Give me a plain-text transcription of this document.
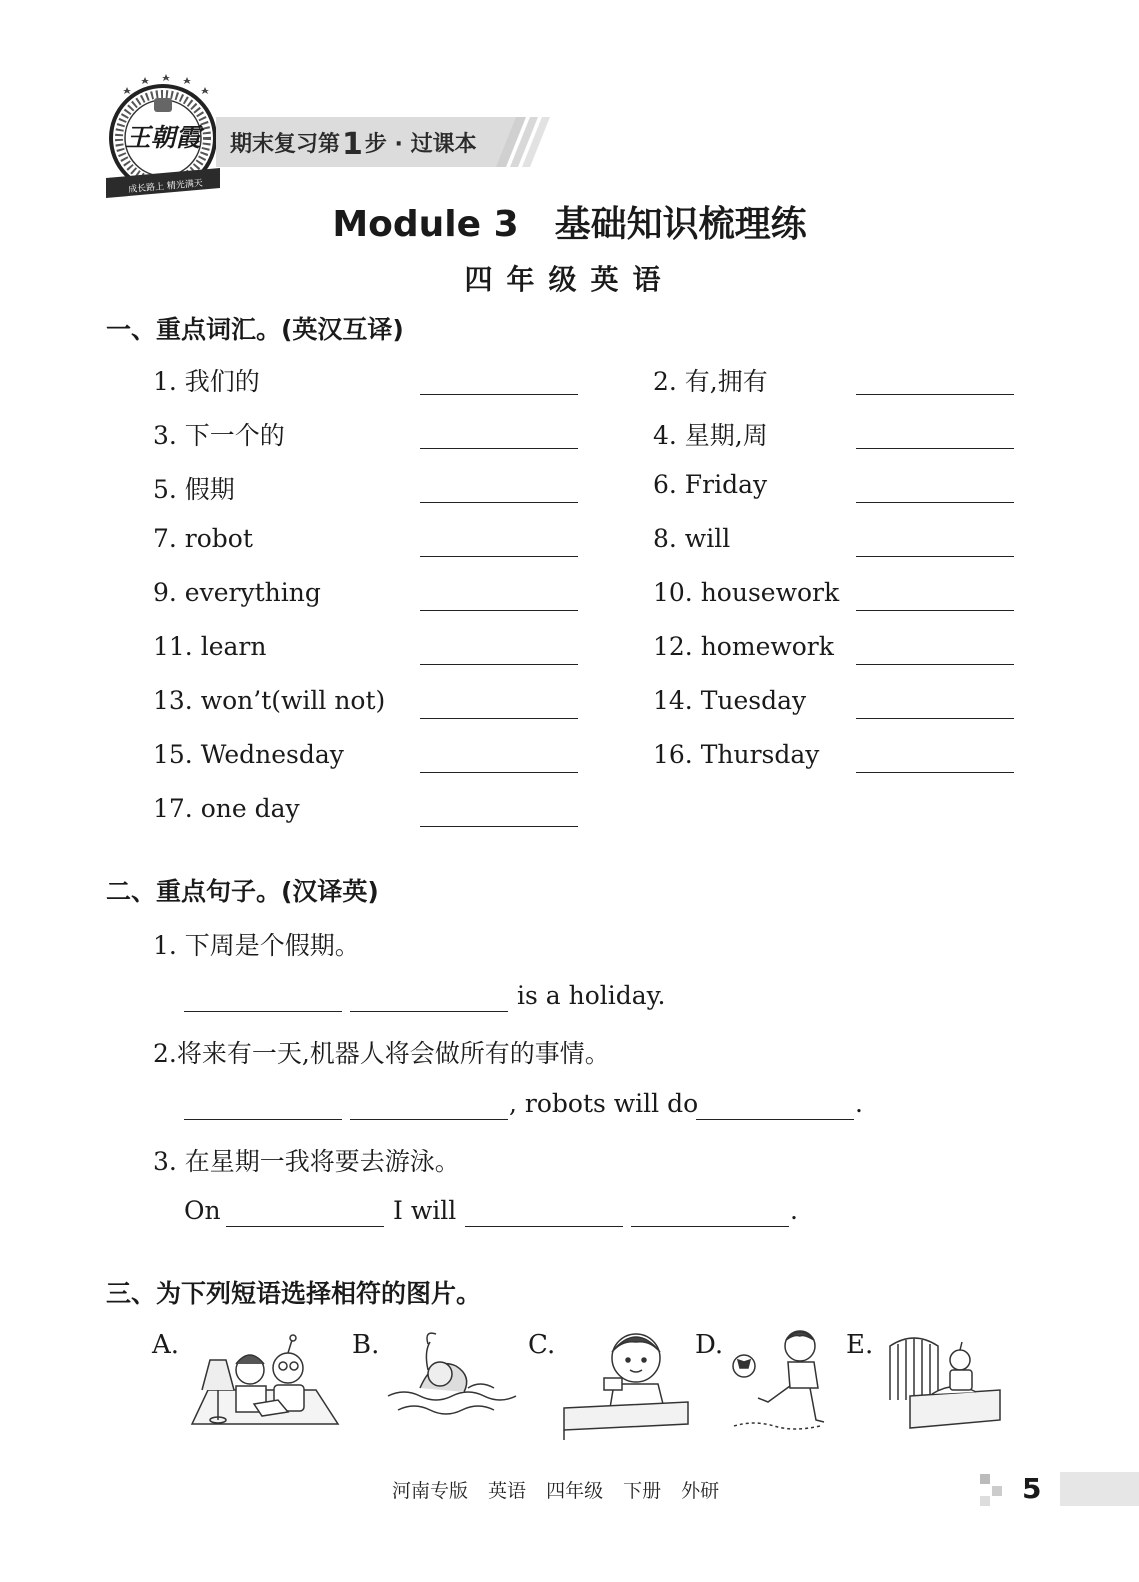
王朝霞
成长路上 精光满天
期末复习第1步 · 过课本
Module 3　基础知识梳理练
四年级英语
一、重点词汇。(英汉互译)
1. 我们的	2. 有,拥有
3. 下一个的	4. 星期,周
5. 假期	6. Friday
7. robot	8. will
9. everything	10. housework
11. learn	12. homework
13. won’t(will not)	14. Tuesday
15. Wednesday	16. Thursday
17. one day
二、重点句子。(汉译英)
1. 下周是个假期。
is a holiday.
2.将来有一天,机器人将会做所有的事情。
, robots will do	.
3. 在星期一我将要去游泳。
On	I will	.
三、为下列短语选择相符的图片。
A.	B.	C.	D.	E.
河南专版 英语 四年级 下册 外研	5
